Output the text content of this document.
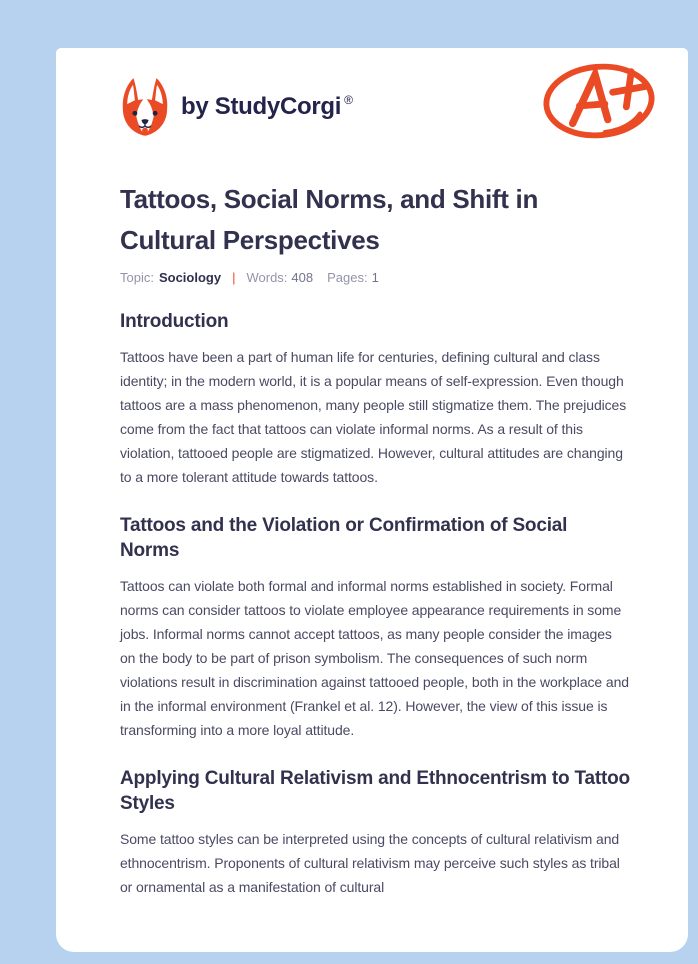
by StudyCorgi ®
Tattoos, Social Norms, and Shift in Cultural Perspectives
Topic: Sociology | Words: 408 Pages: 1
Introduction

Tattoos have been a part of human life for centuries, defining cultural and class identity; in the modern world, it is a popular means of self-expression. Even though tattoos are a mass phenomenon, many people still stigmatize them. The prejudices come from the fact that tattoos can violate informal norms. As a result of this violation, tattooed people are stigmatized. However, cultural attitudes are changing to a more tolerant attitude towards tattoos.

Tattoos and the Violation or Confirmation of Social Norms

Tattoos can violate both formal and informal norms established in society. Formal norms can consider tattoos to violate employee appearance requirements in some jobs. Informal norms cannot accept tattoos, as many people consider the images on the body to be part of prison symbolism. The consequences of such norm violations result in discrimination against tattooed people, both in the workplace and in the informal environment (Frankel et al. 12). However, the view of this issue is transforming into a more loyal attitude.

Applying Cultural Relativism and Ethnocentrism to Tattoo Styles

Some tattoo styles can be interpreted using the concepts of cultural relativism and ethnocentrism. Proponents of cultural relativism may perceive such styles as tribal or ornamental as a manifestation of cultural
